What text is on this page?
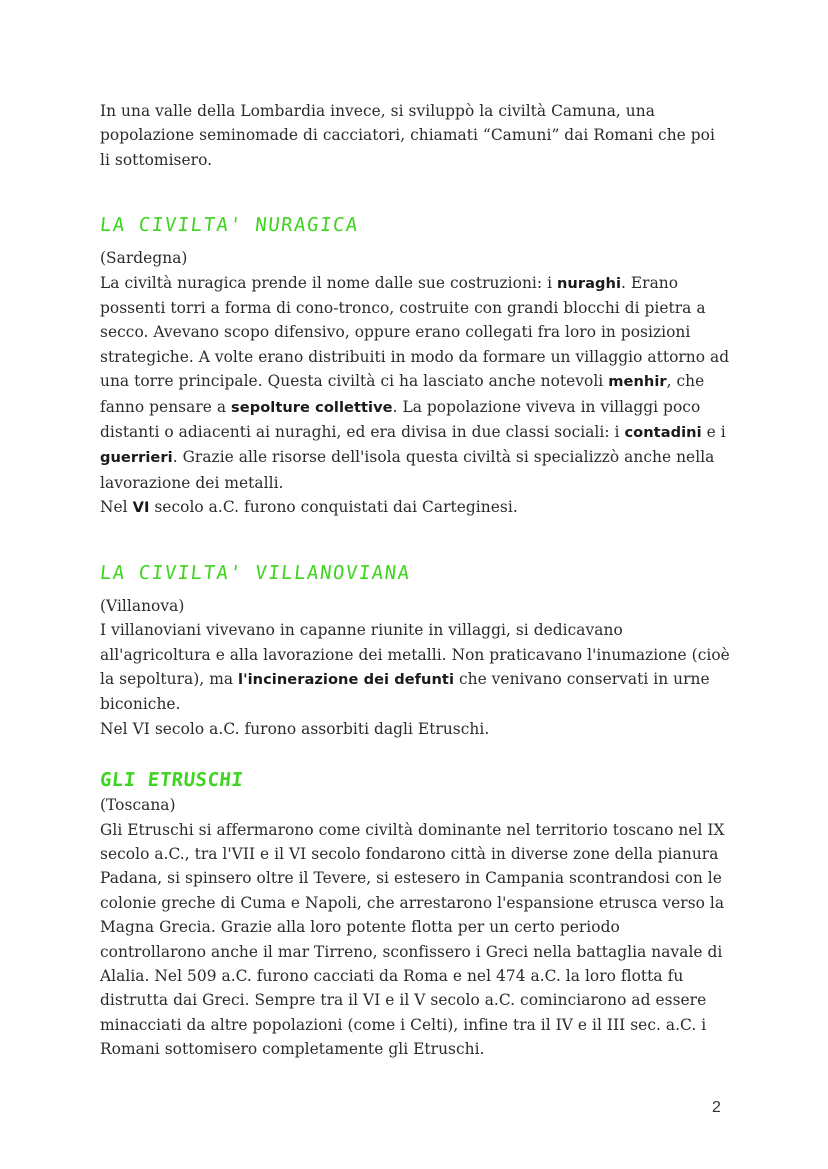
In una valle della Lombardia invece, si sviluppò la civiltà Camuna, una
popolazione seminomade di cacciatori, chiamati “Camuni” dai Romani che poi
li sottomisero.

LA CIVILTA' NURAGICA

(Sardegna)

La civiltà nuragica prende il nome dalle sue costruzioni: i nuraghi. Erano possenti torri a forma di cono-tronco, costruite con grandi blocchi di pietra a secco. Avevano scopo difensivo, oppure erano collegati fra loro in posizioni strategiche. A volte erano distribuiti in modo da formare un villaggio attorno ad una torre principale. Questa civiltà ci ha lasciato anche notevoli menhir, che fanno pensare a sepolture collettive. La popolazione viveva in villaggi poco distanti o adiacenti ai nuraghi, ed era divisa in due classi sociali: i contadini e i guerrieri. Grazie alle risorse dell'isola questa civiltà si specializzò anche nella lavorazione dei metalli.
Nel VI secolo a.C. furono conquistati dai Carteginesi.

LA CIVILTA' VILLANOVIANA

(Villanova)

I villanoviani vivevano in capanne riunite in villaggi, si dedicavano all'agricoltura e alla lavorazione dei metalli. Non praticavano l'inumazione (cioè la sepoltura), ma l'incinerazione dei defunti che venivano conservati in urne biconiche.
Nel VI secolo a.C. furono assorbiti dagli Etruschi.

GLI ETRUSCHI

(Toscana)

Gli Etruschi si affermarono come civiltà dominante nel territorio toscano nel IX secolo a.C., tra l'VII e il VI secolo fondarono città in diverse zone della pianura Padana, si spinsero oltre il Tevere, si estesero in Campania scontrandosi con le colonie greche di Cuma e Napoli, che arrestarono l'espansione etrusca verso la Magna Grecia. Grazie alla loro potente flotta per un certo periodo controllarono anche il mar Tirreno, sconfissero i Greci nella battaglia navale di Alalia. Nel 509 a.C. furono cacciati da Roma e nel 474 a.C. la loro flotta fu distrutta dai Greci. Sempre tra il VI e il V secolo a.C. cominciarono ad essere minacciati da altre popolazioni (come i Celti), infine tra il IV e il III sec. a.C. i Romani sottomisero completamente gli Etruschi.

2
